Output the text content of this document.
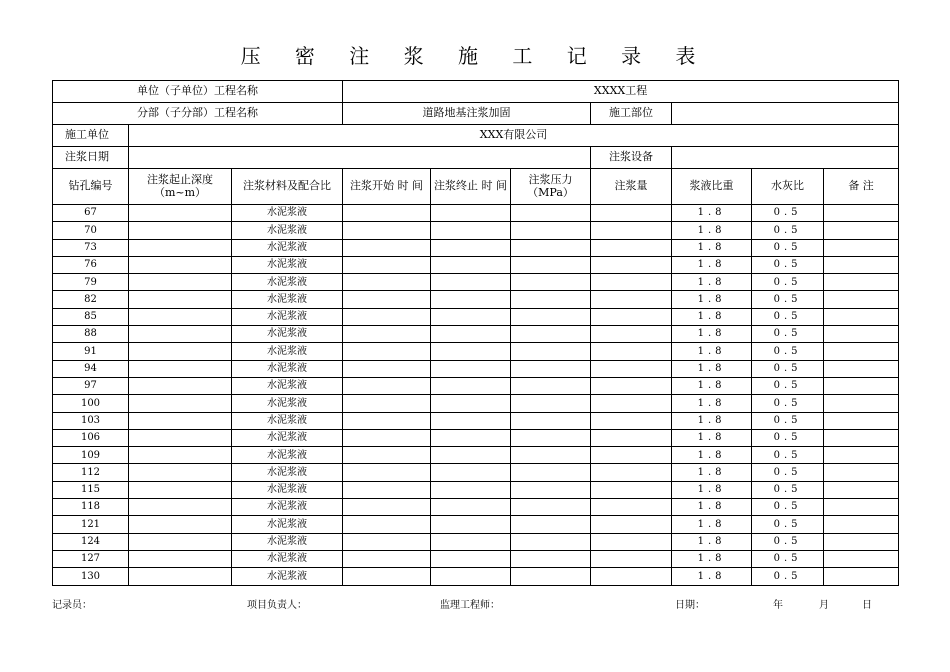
压 密 注 浆 施 工 记 录 表
单位（子单位）工程名称			XXXX工程						
分部（子分部）工程名称			道路地基注浆加固			施工部位			
施工单位	XXX有限公司								
注浆日期						注浆设备			
钻孔编号	注浆起止深度（m~m）	注浆材料及配合比	注浆开始 时 间	注浆终止 时 间	注浆压力（MPa）	注浆量	浆液比重	水灰比	备 注
67		水泥浆液					1.8	0.5	
70		水泥浆液					1.8	0.5	
73		水泥浆液					1.8	0.5	
76		水泥浆液					1.8	0.5	
79		水泥浆液					1.8	0.5	
82		水泥浆液					1.8	0.5	
85		水泥浆液					1.8	0.5	
88		水泥浆液					1.8	0.5	
91		水泥浆液					1.8	0.5	
94		水泥浆液					1.8	0.5	
97		水泥浆液					1.8	0.5	
100		水泥浆液					1.8	0.5	
103		水泥浆液					1.8	0.5	
106		水泥浆液					1.8	0.5	
109		水泥浆液					1.8	0.5	
112		水泥浆液					1.8	0.5	
115		水泥浆液					1.8	0.5	
118		水泥浆液					1.8	0.5	
121		水泥浆液					1.8	0.5	
124		水泥浆液					1.8	0.5	
127		水泥浆液					1.8	0.5	
130		水泥浆液					1.8	0.5	
记录员：	项目负责人：	监理工程师：	日期：	年	月	日
